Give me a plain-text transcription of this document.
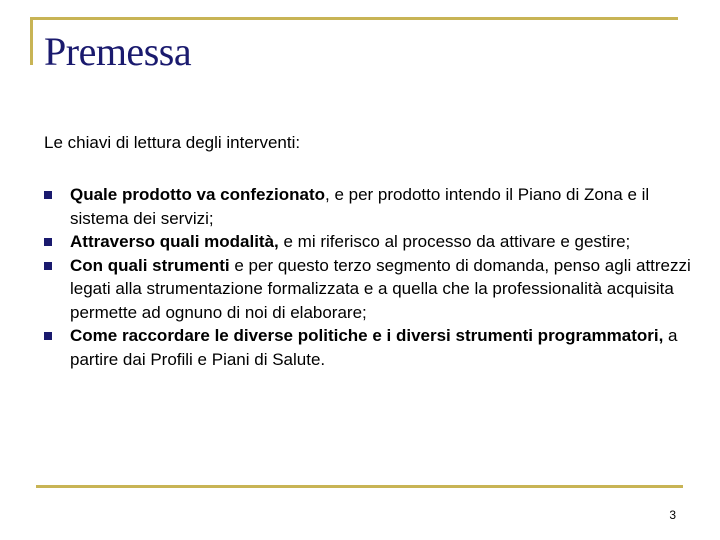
Premessa
Le chiavi di lettura degli interventi:
Quale prodotto va confezionato, e per prodotto intendo il Piano di Zona e il sistema dei servizi;
Attraverso quali modalità, e mi riferisco al processo da attivare e gestire;
Con quali strumenti e per questo terzo segmento di domanda, penso agli attrezzi legati alla strumentazione formalizzata e a quella che la professionalità acquisita permette ad ognuno di noi di elaborare;
Come raccordare le diverse politiche e i diversi strumenti programmatori, a partire dai Profili e Piani di Salute.
3
